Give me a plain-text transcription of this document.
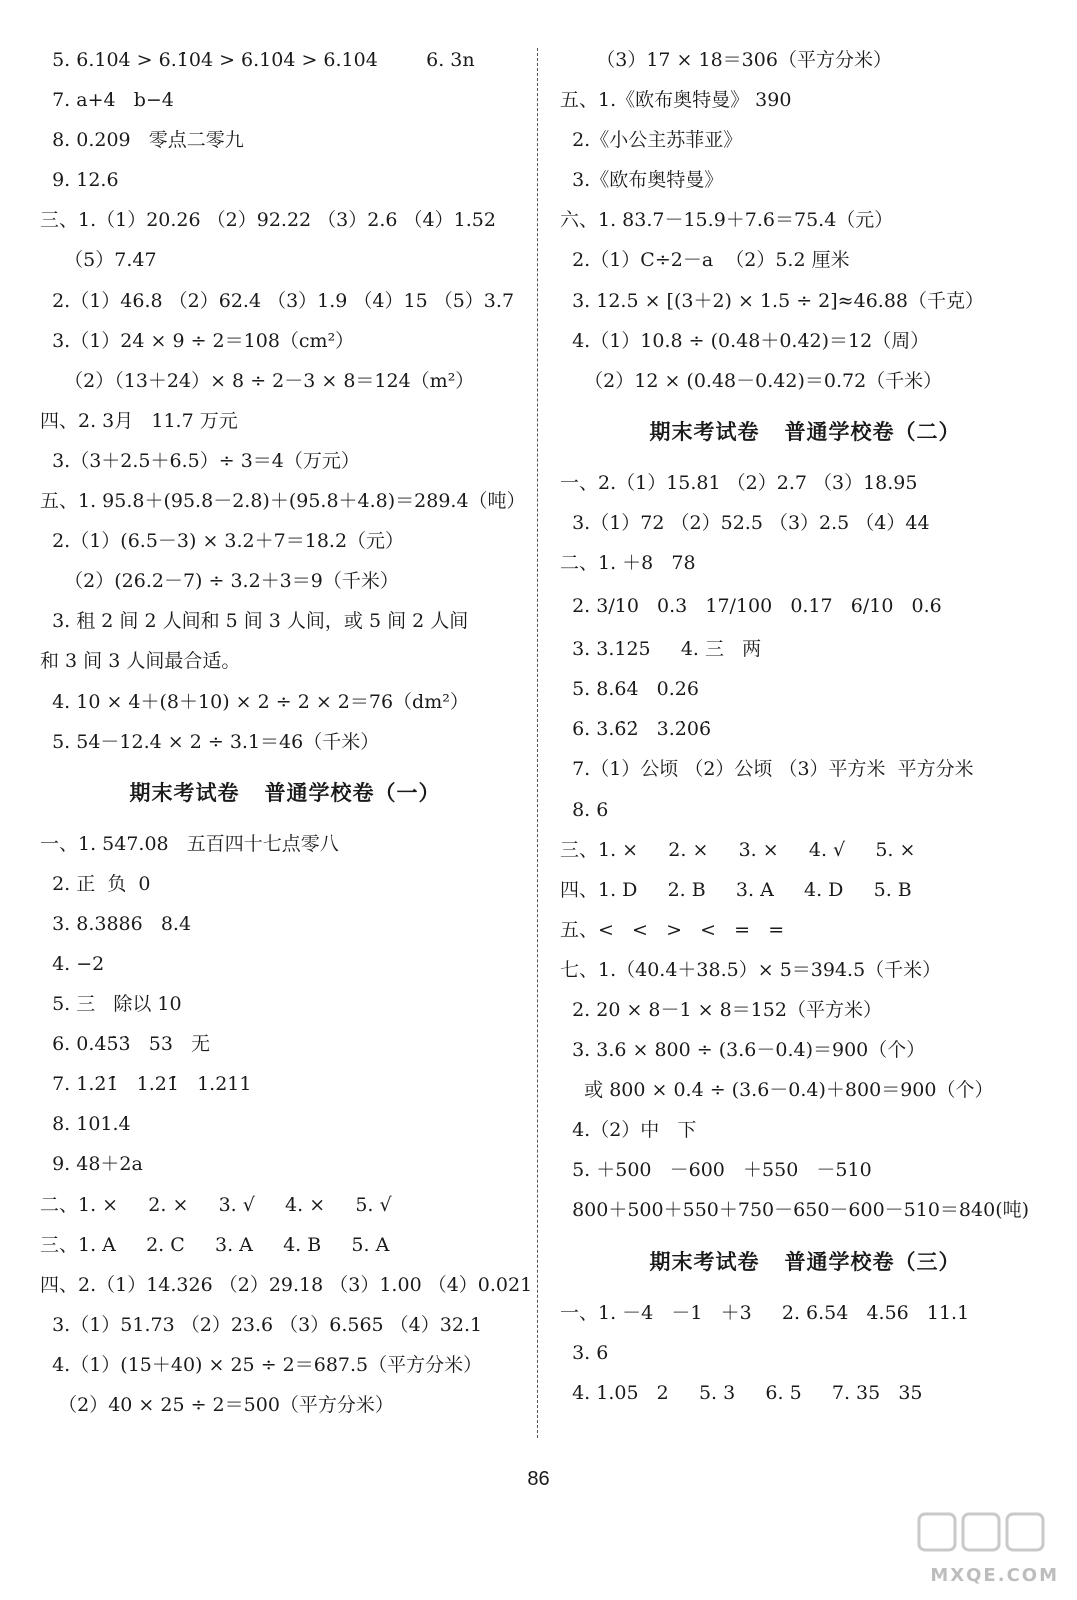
5. 6.104̇ > 6.1̇04̇ > 6.10̇4̇ > 6.104        6. 3n
7. a+4   b−4
8. 0.209   零点二零九
9. 12.6
三、1.（1）20.26 （2）92.22 （3）2.6 （4）1.52
（5）7.47
2.（1）46.8 （2）62.4 （3）1.9 （4）15 （5）3.7
3.（1）24 × 9 ÷ 2＝108（cm²）
（2）（13＋24）× 8 ÷ 2－3 × 8＝124（m²）
四、2. 3月   11.7 万元
3.（3＋2.5＋6.5）÷ 3＝4（万元）
五、1. 95.8＋(95.8－2.8)＋(95.8＋4.8)＝289.4（吨）
2.（1）(6.5－3) × 3.2＋7＝18.2（元）
（2）(26.2－7) ÷ 3.2＋3＝9（千米）
3. 租 2 间 2 人间和 5 间 3 人间，或 5 间 2 人间
和 3 间 3 人间最合适。
4. 10 × 4＋(8＋10) × 2 ÷ 2 × 2＝76（dm²）
5. 54－12.4 × 2 ÷ 3.1＝46（千米）
期末考试卷   普通学校卷（一）
一、1. 547.08   五百四十七点零八
2. 正  负  0
3. 8.3886   8.4
4. −2
5. 三   除以 10
6. 0.45̇3̇   53   无
7. 1.2̇1̇   1.21̇   1.211
8. 101.4
9. 48＋2a
二、1. ×     2. ×     3. √     4. ×     5. √
三、1. A     2. C     3. A     4. B     5. A
四、2.（1）14.326 （2）29.18 （3）1.00 （4）0.021
3.（1）51.73 （2）23.6 （3）6.565 （4）32.1
4.（1）(15＋40) × 25 ÷ 2＝687.5（平方分米）
（2）40 × 25 ÷ 2＝500（平方分米）
（3）17 × 18＝306（平方分米）
五、1.《欧布奥特曼》 390
2.《小公主苏菲亚》
3.《欧布奥特曼》
六、1. 83.7－15.9＋7.6＝75.4（元）
2.（1）C÷2－a  （2）5.2 厘米
3. 12.5 × [(3＋2) × 1.5 ÷ 2]≈46.88（千克）
4.（1）10.8 ÷ (0.48＋0.42)＝12（周）
（2）12 × (0.48－0.42)＝0.72（千米）
期末考试卷   普通学校卷（二）
一、2.（1）15.81 （2）2.7 （3）18.95
3.（1）72 （2）52.5 （3）2.5 （4）44
二、1. ＋8   78
2. 3/10   0.3   17/100   0.17   6/10   0.6
3. 3.125     4. 三   两
5. 8.64   0.26
6. 3.6̇2̇   3.2̇06̇
7.（1）公顷 （2）公顷 （3）平方米  平方分米
8. 6
三、1. ×     2. ×     3. ×     4. √     5. ×
四、1. D     2. B     3. A     4. D     5. B
五、<   <   >   <   =   =
七、1.（40.4＋38.5）× 5＝394.5（千米）
2. 20 × 8－1 × 8＝152（平方米）
3. 3.6 × 800 ÷ (3.6－0.4)＝900（个）
或 800 × 0.4 ÷ (3.6－0.4)＋800＝900（个）
4.（2）中   下
5. ＋500   －600   ＋550   －510
800＋500＋550＋750－650－600－510＝840(吨)
期末考试卷   普通学校卷（三）
一、1. －4   －1   ＋3     2. 6.54   4.56   11.1
3. 6
4. 1.05   2     5. 3     6. 5     7. 35   35
86
MXQE.COM
